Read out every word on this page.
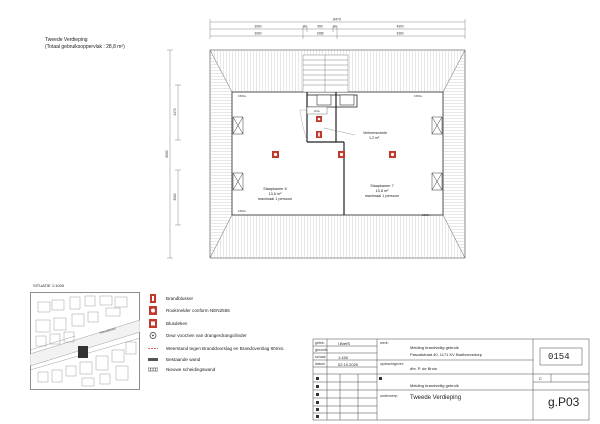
Tweede Verdieping
(Totaal gebruiksoppervlak : 28,8 m²)
8470
3060	80	950	80	4300
3060	1985	3360
6000
2470
3000
Verw.
1500+	1500+
1500+
1500+
Verkeersruimte
1,2 m²
Slaapkamer 6
13,6 m²
maximaal 1 persoon
Slaapkamer 7
13,8 m²
maximaal 1 persoon
SITUATIE 1:1000
Pascalstraat
Brandblusser
Rookmelder conform NEN2555
Blusdeken
Deur voorzien van drangerdrangcilinder
Weerstand tegen Branddoorslag en Brandoverslag 60min.
Bestaande wand
Nieuwe scheidingswand
getek.	i.BrefS
gecontr.
schaal	1:150
datum	02.10.2020
werk:
Melding brandveilig gebruik
Pascalstraat 40, 1171 KV Badhoevedorp
opdrachtgever:
dhr. P. de Bruin
onderwerp:
Melding brandveilig gebruik
Tweede Verdieping
0154
C
g.P03
